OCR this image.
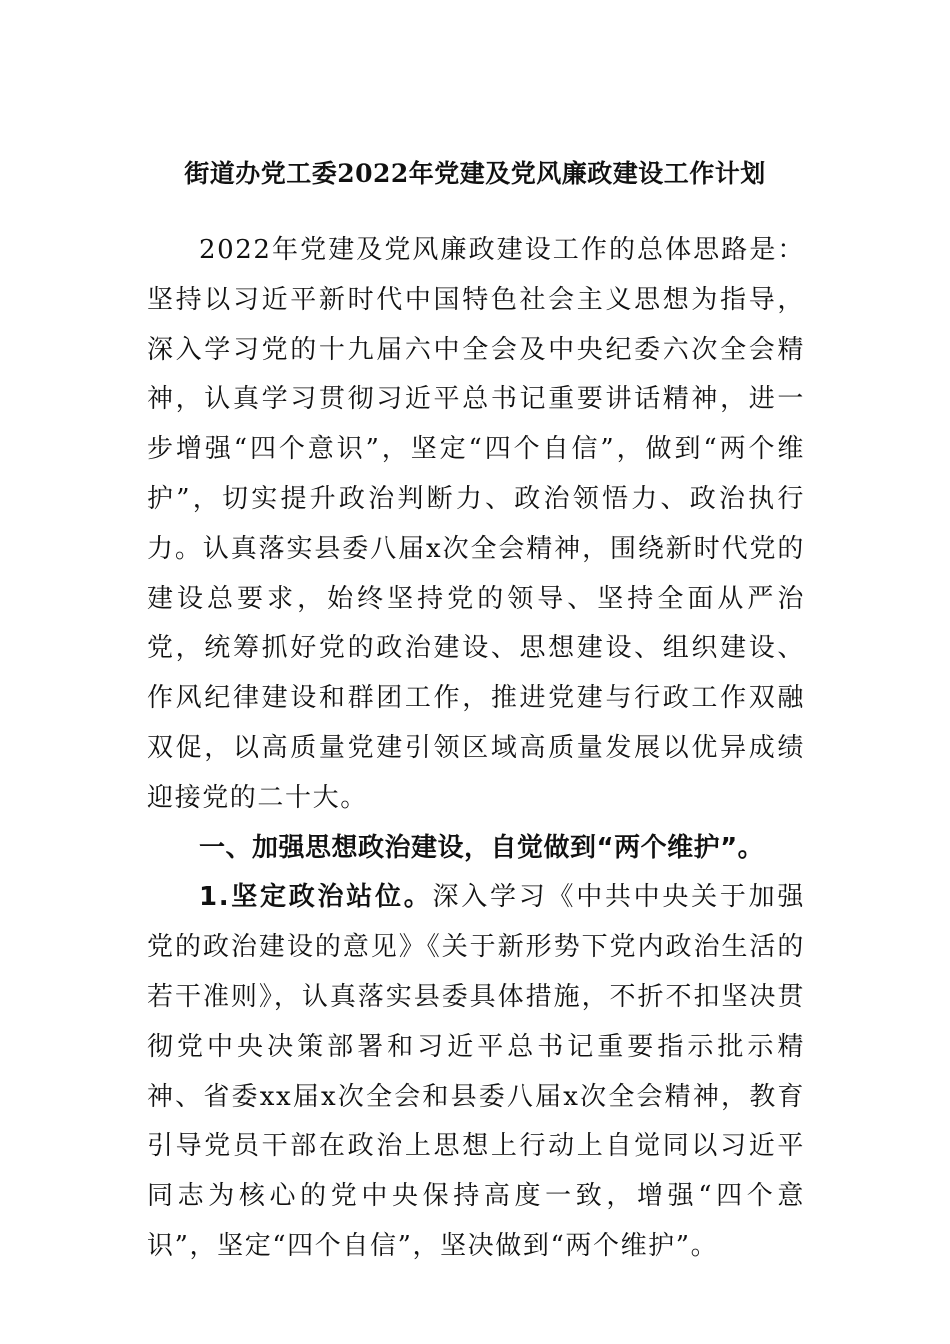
街道办党工委2022年党建及党风廉政建设工作计划

2022年党建及党风廉政建设工作的总体思路是：坚持以习近平新时代中国特色社会主义思想为指导，深入学习党的十九届六中全会及中央纪委六次全会精神，认真学习贯彻习近平总书记重要讲话精神，进一步增强“四个意识”，坚定“四个自信”，做到“两个维护”，切实提升政治判断力、政治领悟力、政治执行力。认真落实县委八届x次全会精神，围绕新时代党的建设总要求，始终坚持党的领导、坚持全面从严治党，统筹抓好党的政治建设、思想建设、组织建设、作风纪律建设和群团工作，推进党建与行政工作双融双促，以高质量党建引领区域高质量发展以优异成绩迎接党的二十大。

一、加强思想政治建设，自觉做到“两个维护”。

1.坚定政治站位。深入学习《中共中央关于加强党的政治建设的意见》《关于新形势下党内政治生活的若干准则》，认真落实县委具体措施，不折不扣坚决贯彻党中央决策部署和习近平总书记重要指示批示精神、省委xx届x次全会和县委八届x次全会精神，教育引导党员干部在政治上思想上行动上自觉同以习近平同志为核心的党中央保持高度一致，增强“四个意识”，坚定“四个自信”，坚决做到“两个维护”。
